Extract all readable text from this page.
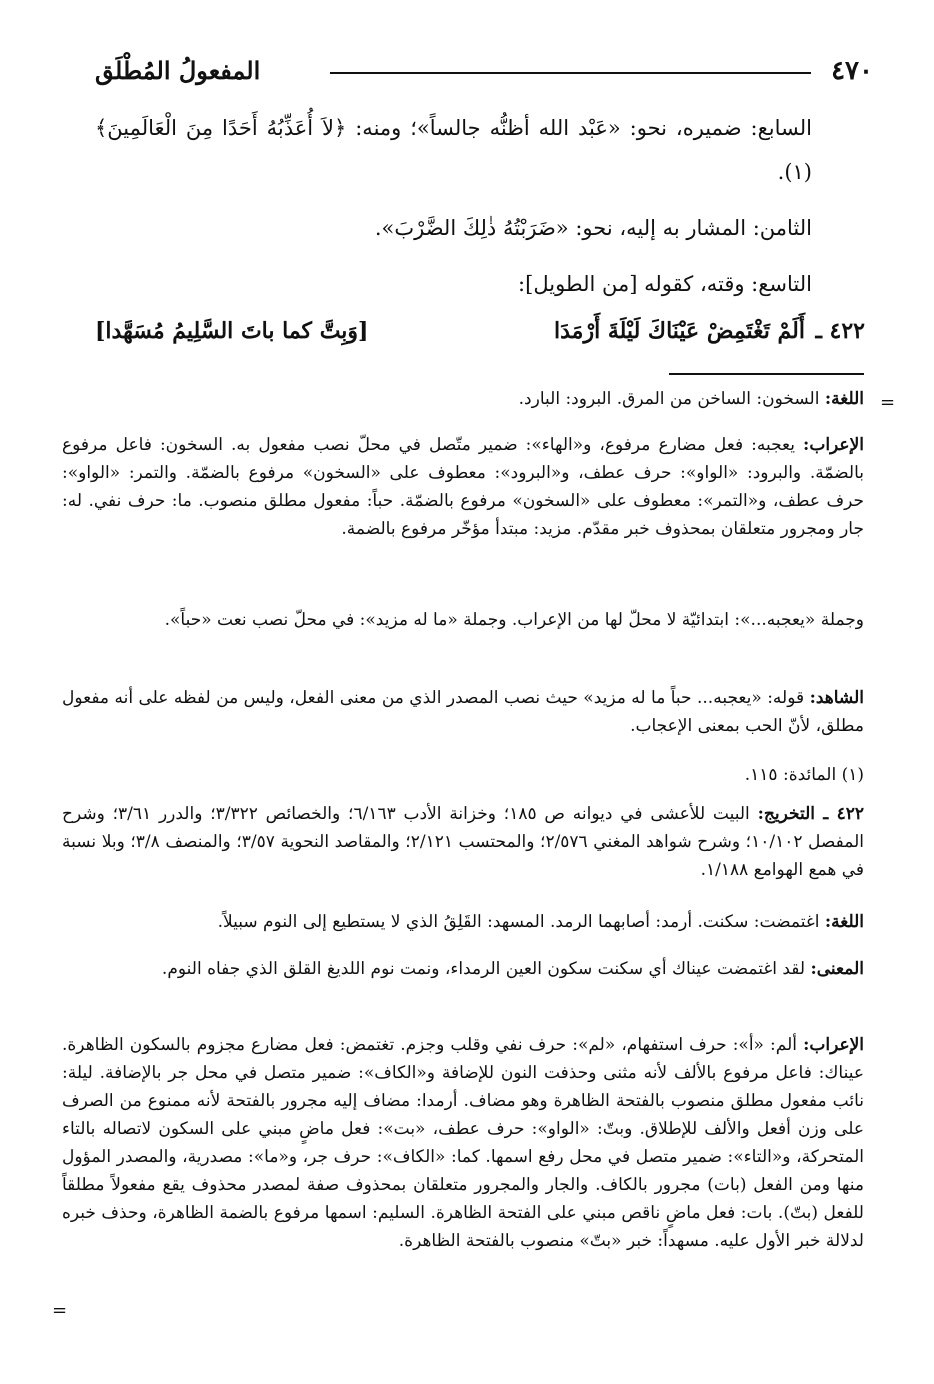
٤٧٠
المفعولُ المُطْلَق
السابع: ضميره، نحو: «عَبْد الله أظنُّه جالساً»؛ ومنه: ﴿لاَ أُعَذِّبُهُ أَحَدًا مِنَ الْعَالَمِينَ﴾(١).
الثامن: المشار به إليه، نحو: «ضَرَبْتُهُ ذٰلِكَ الضَّرْبَ».
التاسع: وقته، كقوله [من الطويل]:
٤٢٢ ـ
أَلَمْ تَغْتَمِضْ عَيْنَاكَ لَيْلَةَ أَرْمَدَا
[وَبِتَّ كما باتَ السَّلِيمُ مُسَهَّدا]
=
=
اللغة: السخون: الساخن من المرق. البرود: البارد.
الإعراب: يعجبه: فعل مضارع مرفوع، و«الهاء»: ضمير متّصل في محلّ نصب مفعول به. السخون: فاعل مرفوع بالضمّة. والبرود: «الواو»: حرف عطف، و«البرود»: معطوف على «السخون» مرفوع بالضمّة. والتمر: «الواو»: حرف عطف، و«التمر»: معطوف على «السخون» مرفوع بالضمّة. حباً: مفعول مطلق منصوب. ما: حرف نفي. له: جار ومجرور متعلقان بمحذوف خبر مقدّم. مزيد: مبتدأ مؤخّر مرفوع بالضمة.
وجملة «يعجبه...»: ابتدائيّة لا محلّ لها من الإعراب. وجملة «ما له مزيد»: في محلّ نصب نعت «حباً».
الشاهد: قوله: «يعجبه... حباً ما له مزيد» حيث نصب المصدر الذي من معنى الفعل، وليس من لفظه على أنه مفعول مطلق، لأنّ الحب بمعنى الإعجاب.
(١) المائدة: ١١٥.
٤٢٢ ـ التخريج: البيت للأعشى في ديوانه ص ١٨٥؛ وخزانة الأدب ٦/١٦٣؛ والخصائص ٣/٣٢٢؛ والدرر ٣/٦١؛ وشرح المفصل ١٠/١٠٢؛ وشرح شواهد المغني ٢/٥٧٦؛ والمحتسب ٢/١٢١؛ والمقاصد النحوية ٣/٥٧؛ والمنصف ٣/٨؛ وبلا نسبة في همع الهوامع ١/١٨٨.
اللغة: اغتمضت: سكنت. أرمد: أصابهما الرمد. المسهد: القَلِقُ الذي لا يستطيع إلى النوم سبيلاً.
المعنى: لقد اغتمضت عيناك أي سكنت سكون العين الرمداء، ونمت نوم اللديغ القلق الذي جفاه النوم.
الإعراب: ألم: «أ»: حرف استفهام، «لم»: حرف نفي وقلب وجزم. تغتمض: فعل مضارع مجزوم بالسكون الظاهرة. عيناك: فاعل مرفوع بالألف لأنه مثنى وحذفت النون للإضافة و«الكاف»: ضمير متصل في محل جر بالإضافة. ليلة: نائب مفعول مطلق منصوب بالفتحة الظاهرة وهو مضاف. أرمدا: مضاف إليه مجرور بالفتحة لأنه ممنوع من الصرف على وزن أفعل والألف للإطلاق. وبتّ: «الواو»: حرف عطف، «بت»: فعل ماضٍ مبني على السكون لاتصاله بالتاء المتحركة، و«التاء»: ضمير متصل في محل رفع اسمها. كما: «الكاف»: حرف جر، و«ما»: مصدرية، والمصدر المؤول منها ومن الفعل (بات) مجرور بالكاف. والجار والمجرور متعلقان بمحذوف صفة لمصدر محذوف يقع مفعولاً مطلقاً للفعل (بتّ). بات: فعل ماضٍ ناقص مبني على الفتحة الظاهرة. السليم: اسمها مرفوع بالضمة الظاهرة، وحذف خبره لدلالة خبر الأول عليه. مسهداً: خبر «بتّ» منصوب بالفتحة الظاهرة.
